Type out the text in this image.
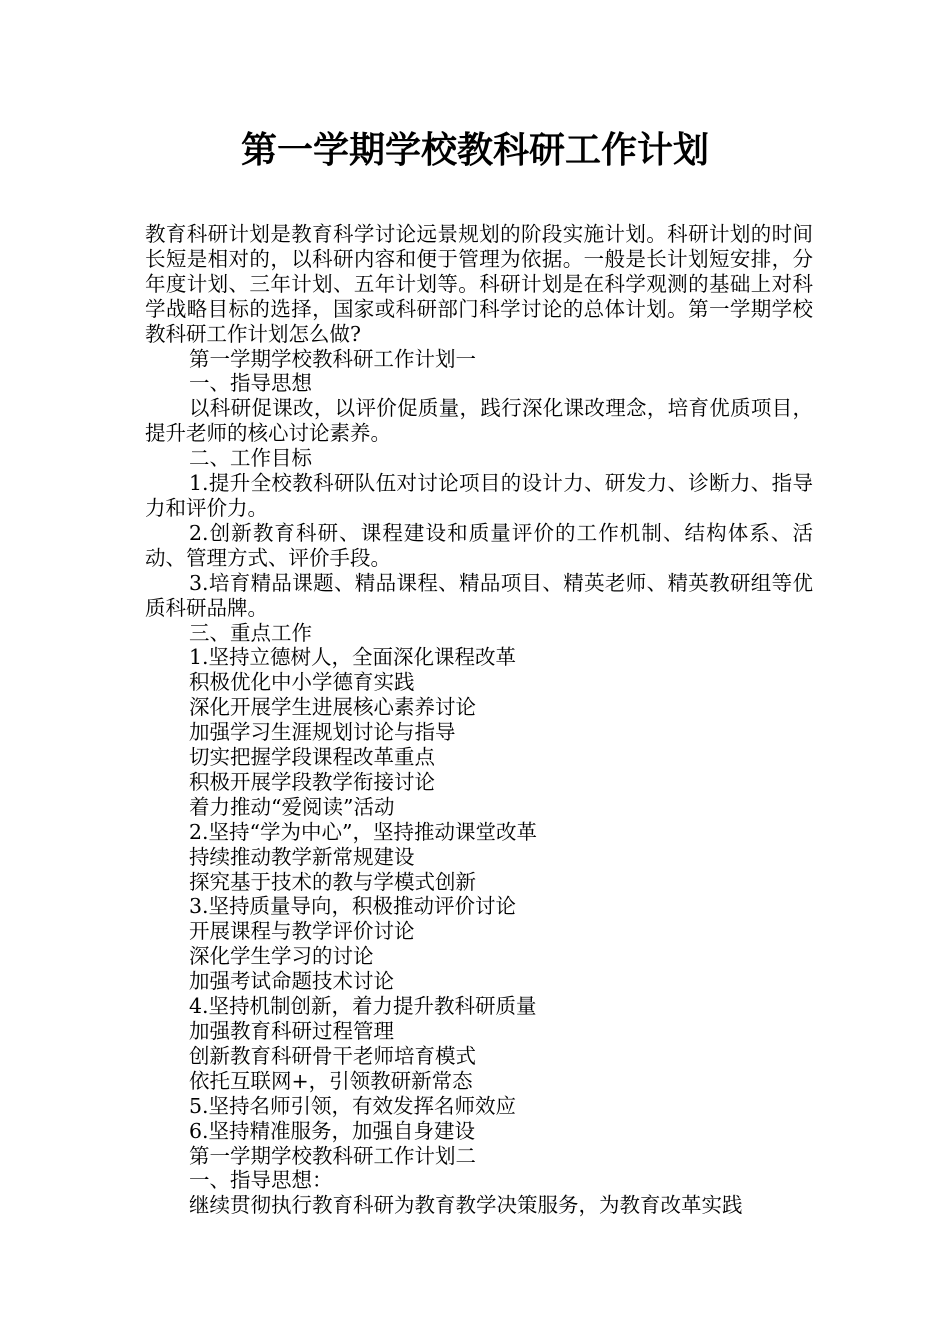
第一学期学校教科研工作计划

教育科研计划是教育科学讨论远景规划的阶段实施计划。科研计划的时间长短是相对的，以科研内容和便于管理为依据。一般是长计划短安排，分年度计划、三年计划、五年计划等。科研计划是在科学观测的基础上对科学战略目标的选择，国家或科研部门科学讨论的总体计划。第一学期学校教科研工作计划怎么做?

第一学期学校教科研工作计划一

一、指导思想

以科研促课改，以评价促质量，践行深化课改理念，培育优质项目，提升老师的核心讨论素养。

二、工作目标

1.提升全校教科研队伍对讨论项目的设计力、研发力、诊断力、指导力和评价力。

2.创新教育科研、课程建设和质量评价的工作机制、结构体系、活动、管理方式、评价手段。

3.培育精品课题、精品课程、精品项目、精英老师、精英教研组等优质科研品牌。

三、重点工作

1.坚持立德树人，全面深化课程改革

积极优化中小学德育实践

深化开展学生进展核心素养讨论

加强学习生涯规划讨论与指导

切实把握学段课程改革重点

积极开展学段教学衔接讨论

着力推动“爱阅读”活动

2.坚持“学为中心”，坚持推动课堂改革

持续推动教学新常规建设

探究基于技术的教与学模式创新

3.坚持质量导向，积极推动评价讨论

开展课程与教学评价讨论

深化学生学习的讨论

加强考试命题技术讨论

4.坚持机制创新，着力提升教科研质量

加强教育科研过程管理

创新教育科研骨干老师培育模式

依托互联网+，引领教研新常态

5.坚持名师引领，有效发挥名师效应

6.坚持精准服务，加强自身建设

第一学期学校教科研工作计划二

一、指导思想：

继续贯彻执行教育科研为教育教学决策服务，为教育改革实践
